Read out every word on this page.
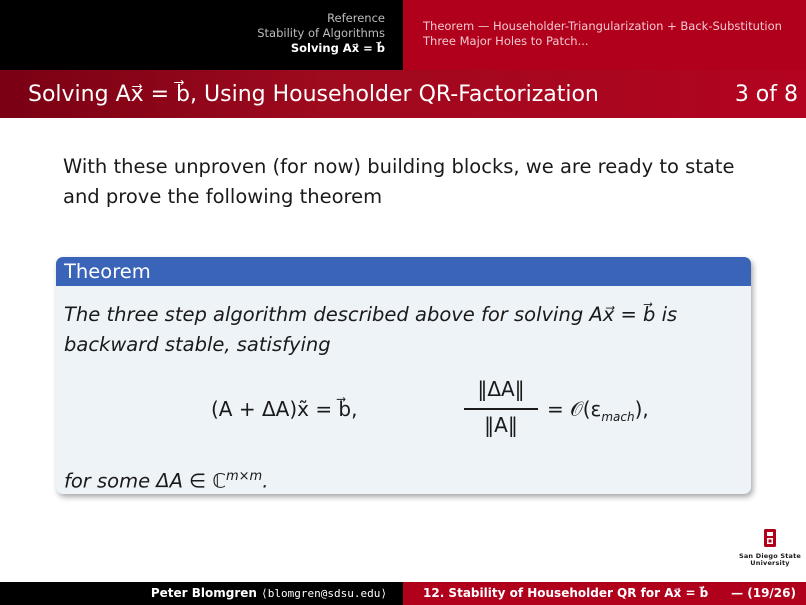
Reference
Stability of Algorithms
Solving Ax⃗ = b⃗
Theorem — Householder-Triangularization + Back-Substitution
Three Major Holes to Patch...
Solving Ax⃗ = b⃗, Using Householder QR-Factorization	3 of 8
With these unproven (for now) building blocks, we are ready to state and prove the following theorem
Theorem
The three step algorithm described above for solving Ax⃗ = b⃗ is backward stable, satisfying
(A + ΔA)x̃ = b⃗,
‖ΔA‖
‖A‖
= $𝒪(\varepsilon_{mach})$,
for some ΔA ∈ ℂ$^{m\times m}$.
San Diego State
University
Peter Blomgren ⟨blomgren@sdsu.edu⟩	12. Stability of Householder QR for Ax⃗ = b⃗ — (19/26)
